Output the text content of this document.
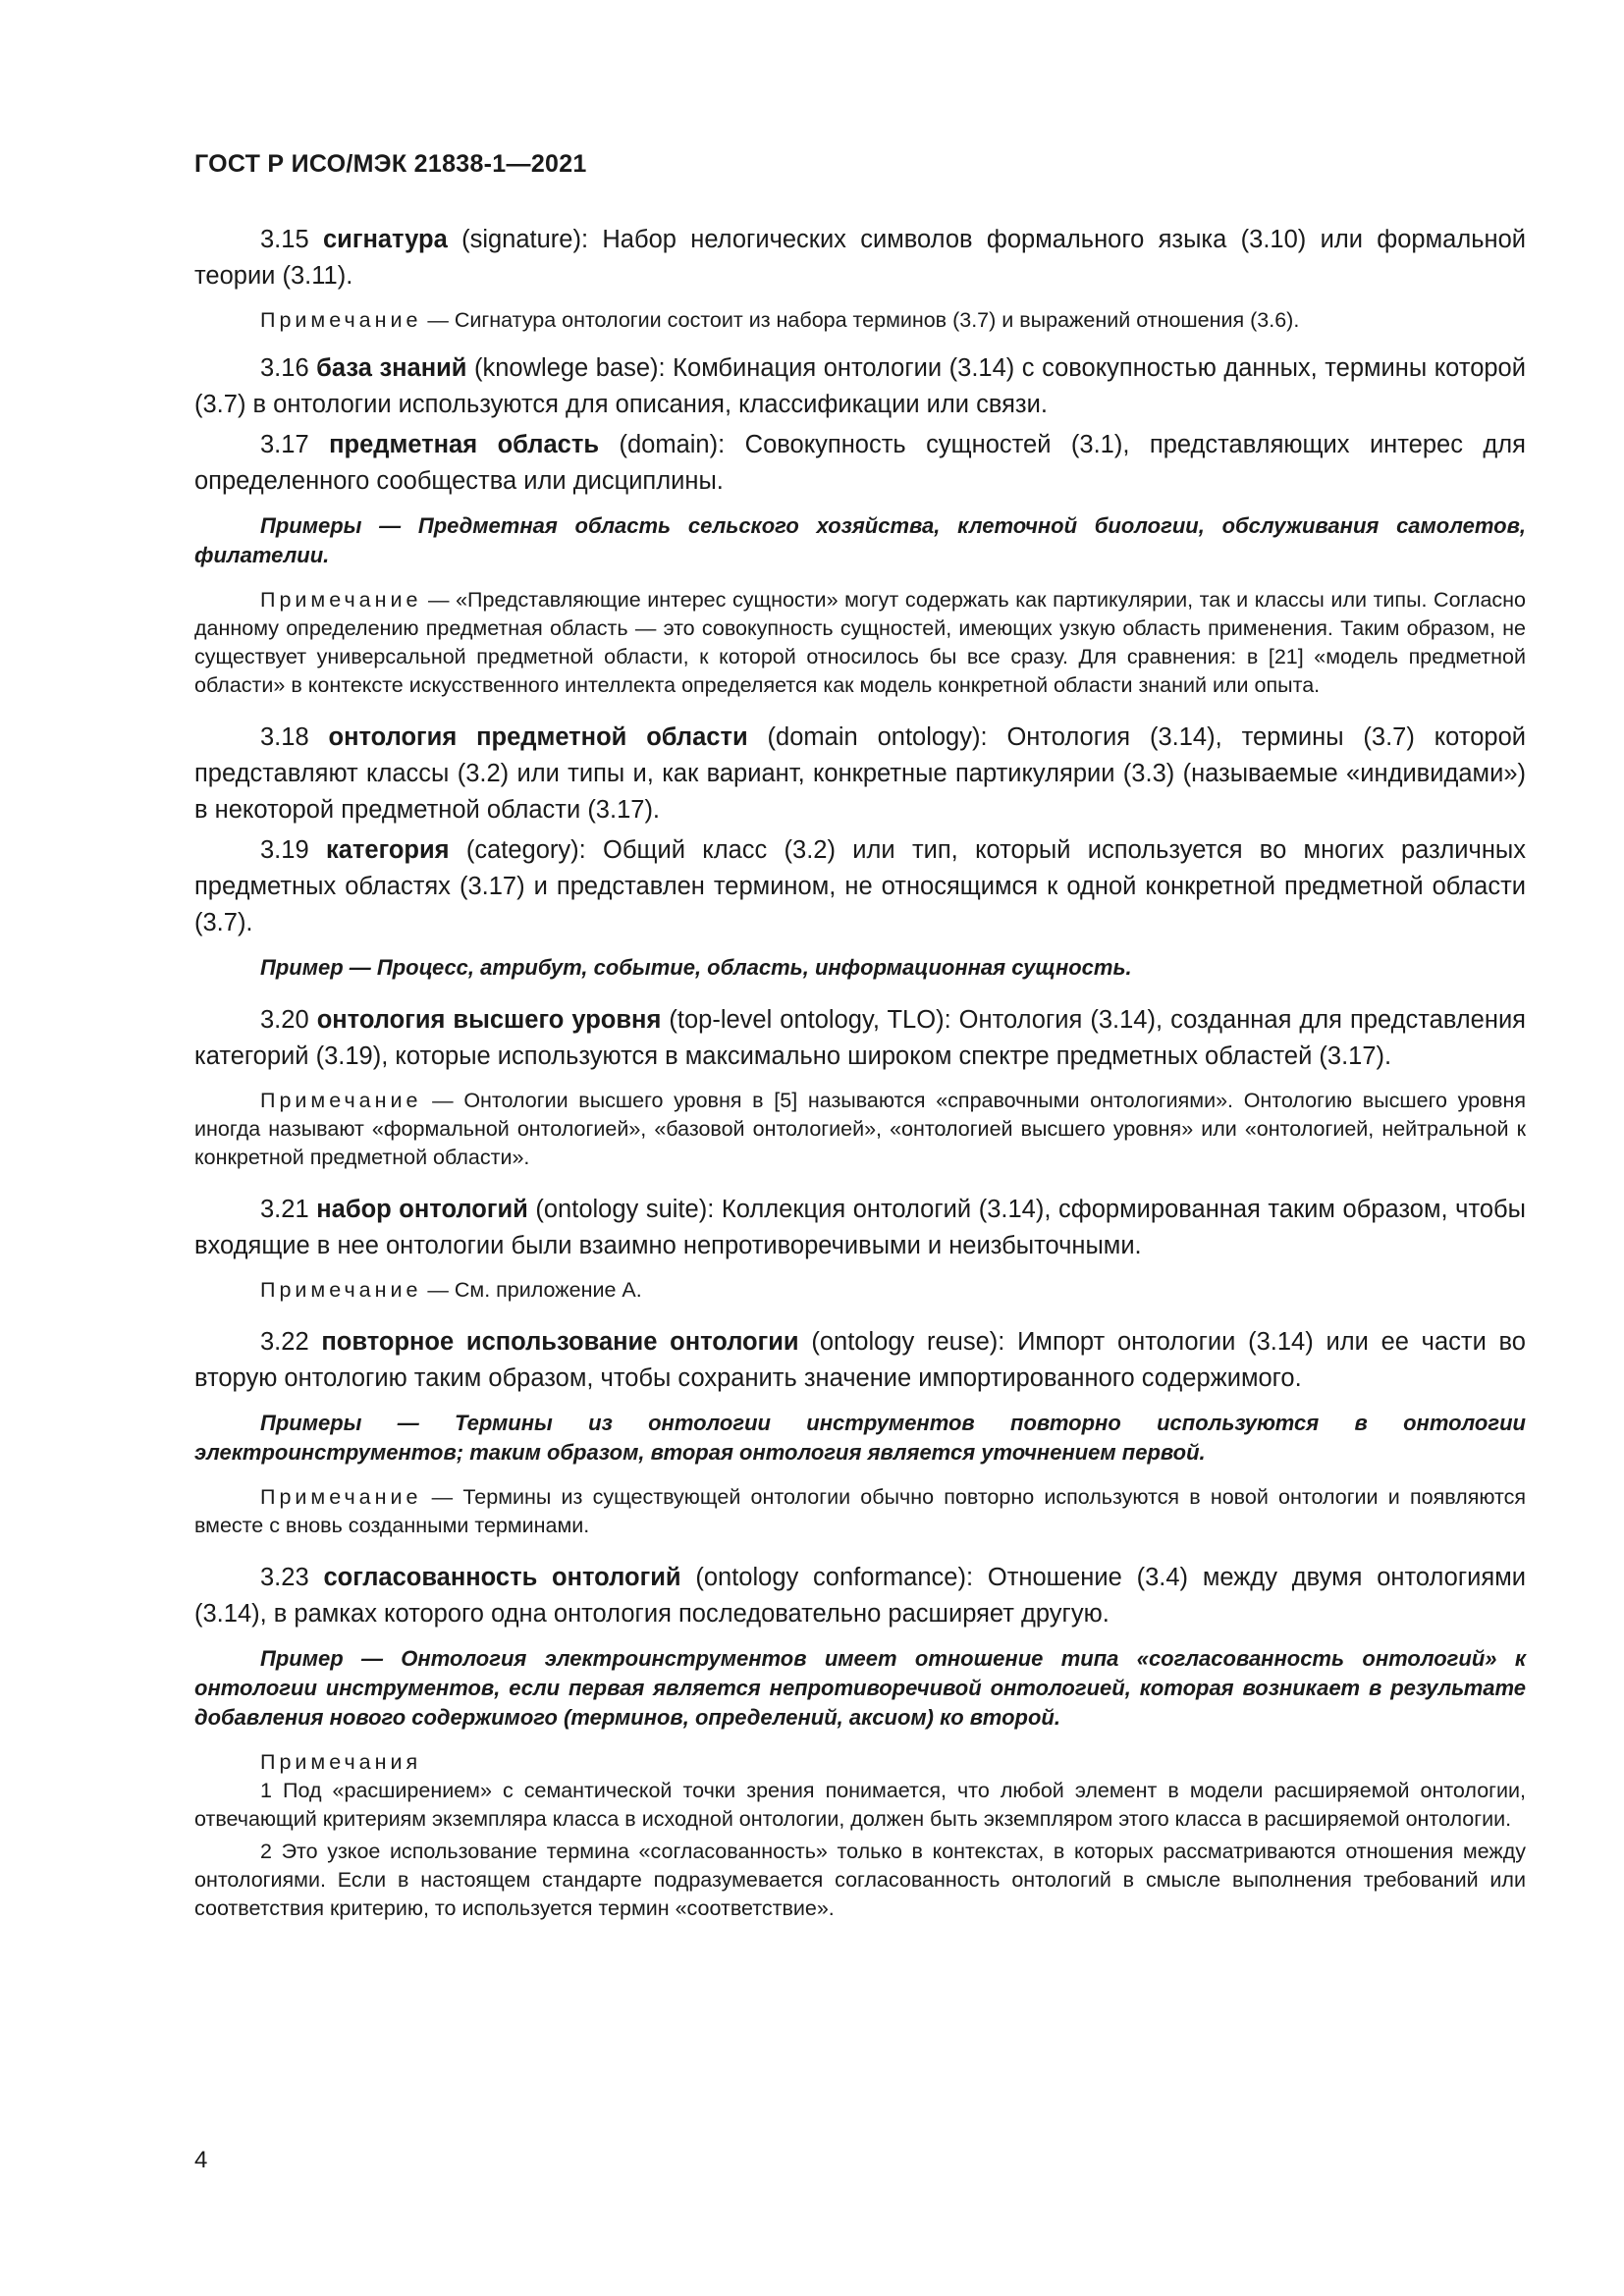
ГОСТ Р ИСО/МЭК 21838-1—2021

3.15 сигнатура (signature): Набор нелогических символов формального языка (3.10) или формальной теории (3.11).

Примечание — Сигнатура онтологии состоит из набора терминов (3.7) и выражений отношения (3.6).

3.16 база знаний (knowlege base): Комбинация онтологии (3.14) с совокупностью данных, термины которой (3.7) в онтологии используются для описания, классификации или связи.

3.17 предметная область (domain): Совокупность сущностей (3.1), представляющих интерес для определенного сообщества или дисциплины.

Примеры — Предметная область сельского хозяйства, клеточной биологии, обслуживания самолетов, филателии.

Примечание — «Представляющие интерес сущности» могут содержать как партикулярии, так и классы или типы. Согласно данному определению предметная область — это совокупность сущностей, имеющих узкую область применения. Таким образом, не существует универсальной предметной области, к которой относилось бы все сразу. Для сравнения: в [21] «модель предметной области» в контексте искусственного интеллекта определяется как модель конкретной области знаний или опыта.

3.18 онтология предметной области (domain ontology): Онтология (3.14), термины (3.7) которой представляют классы (3.2) или типы и, как вариант, конкретные партикулярии (3.3) (называемые «индивидами») в некоторой предметной области (3.17).

3.19 категория (category): Общий класс (3.2) или тип, который используется во многих различных предметных областях (3.17) и представлен термином, не относящимся к одной конкретной предметной области (3.7).

Пример — Процесс, атрибут, событие, область, информационная сущность.

3.20 онтология высшего уровня (top-level ontology, TLO): Онтология (3.14), созданная для представления категорий (3.19), которые используются в максимально широком спектре предметных областей (3.17).

Примечание — Онтологии высшего уровня в [5] называются «справочными онтологиями». Онтологию высшего уровня иногда называют «формальной онтологией», «базовой онтологией», «онтологией высшего уровня» или «онтологией, нейтральной к конкретной предметной области».

3.21 набор онтологий (ontology suite): Коллекция онтологий (3.14), сформированная таким образом, чтобы входящие в нее онтологии были взаимно непротиворечивыми и неизбыточными.

Примечание — См. приложение А.

3.22 повторное использование онтологии (ontology reuse): Импорт онтологии (3.14) или ее части во вторую онтологию таким образом, чтобы сохранить значение импортированного содержимого.

Примеры — Термины из онтологии инструментов повторно используются в онтологии электроинструментов; таким образом, вторая онтология является уточнением первой.

Примечание — Термины из существующей онтологии обычно повторно используются в новой онтологии и появляются вместе с вновь созданными терминами.

3.23 согласованность онтологий (ontology conformance): Отношение (3.4) между двумя онтологиями (3.14), в рамках которого одна онтология последовательно расширяет другую.

Пример — Онтология электроинструментов имеет отношение типа «согласованность онтологий» к онтологии инструментов, если первая является непротиворечивой онтологией, которая возникает в результате добавления нового содержимого (терминов, определений, аксиом) ко второй.

Примечания

1 Под «расширением» с семантической точки зрения понимается, что любой элемент в модели расширяемой онтологии, отвечающий критериям экземпляра класса в исходной онтологии, должен быть экземпляром этого класса в расширяемой онтологии.

2 Это узкое использование термина «согласованность» только в контекстах, в которых рассматриваются отношения между онтологиями. Если в настоящем стандарте подразумевается согласованность онтологий в смысле выполнения требований или соответствия критерию, то используется термин «соответствие».

4
